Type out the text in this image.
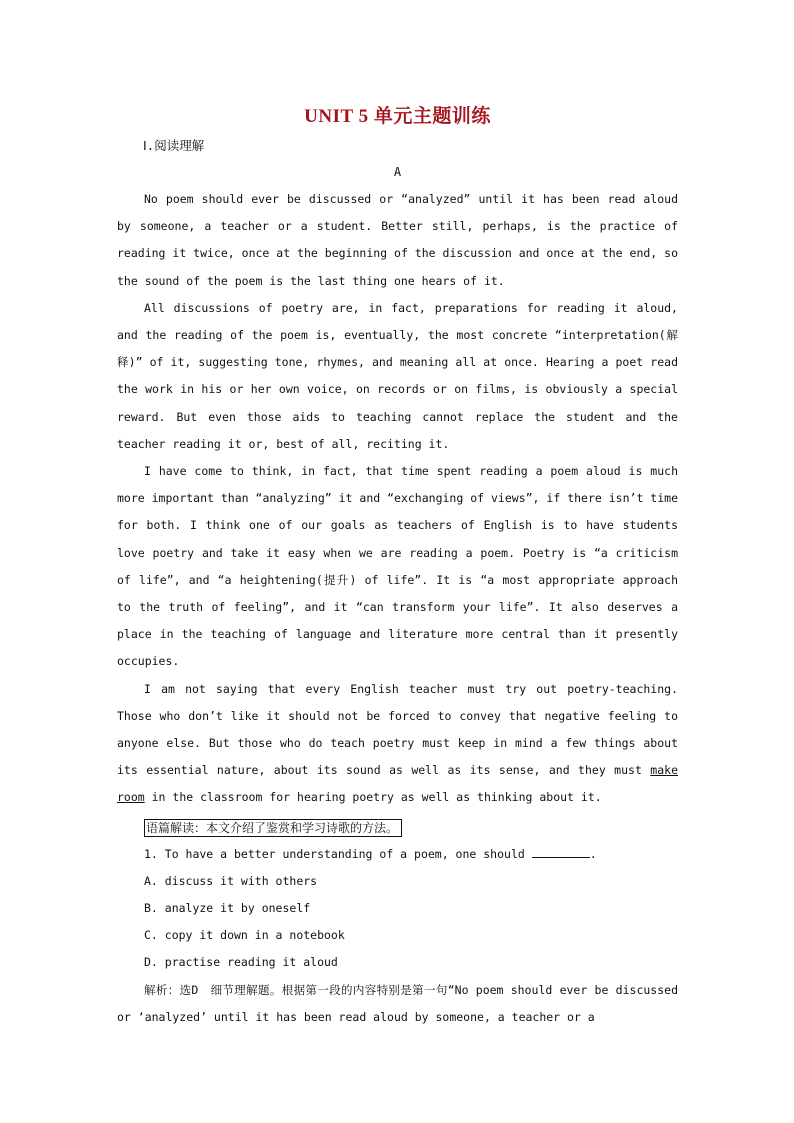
UNIT 5 单元主题训练
Ⅰ.阅读理解
A

No poem should ever be discussed or “analyzed” until it has been read aloud by someone, a teacher or a student. Better still, perhaps, is the practice of reading it twice, once at the beginning of the discussion and once at the end, so the sound of the poem is the last thing one hears of it.

All discussions of poetry are, in fact, preparations for reading it aloud, and the reading of the poem is, eventually, the most concrete “interpretation(解释)” of it, suggesting tone, rhymes, and meaning all at once. Hearing a poet read the work in his or her own voice, on records or on films, is obviously a special reward. But even those aids to teaching cannot replace the student and the teacher reading it or, best of all, reciting it.

I have come to think, in fact, that time spent reading a poem aloud is much more important than “analyzing” it and “exchanging of views”, if there isn’t time for both. I think one of our goals as teachers of English is to have students love poetry and take it easy when we are reading a poem. Poetry is “a criticism of life”, and “a heightening(提升) of life”. It is “a most appropriate approach to the truth of feeling”, and it “can transform your life”. It also deserves a place in the teaching of language and literature more central than it presently occupies.

I am not saying that every English teacher must try out poetry-teaching. Those who don’t like it should not be forced to convey that negative feeling to anyone else. But those who do teach poetry must keep in mind a few things about its essential nature, about its sound as well as its sense, and they must make room in the classroom for hearing poetry as well as thinking about it.

语篇解读：本文介绍了鉴赏和学习诗歌的方法。
1. To have a better understanding of a poem, one should	.
A. discuss it with others
B. analyze it by oneself
C. copy it down in a notebook
D. practise reading it aloud

解析：选D　细节理解题。根据第一段的内容特别是第一句“No poem should ever be discussed or ‘analyzed’ until it has been read aloud by someone, a teacher or a
